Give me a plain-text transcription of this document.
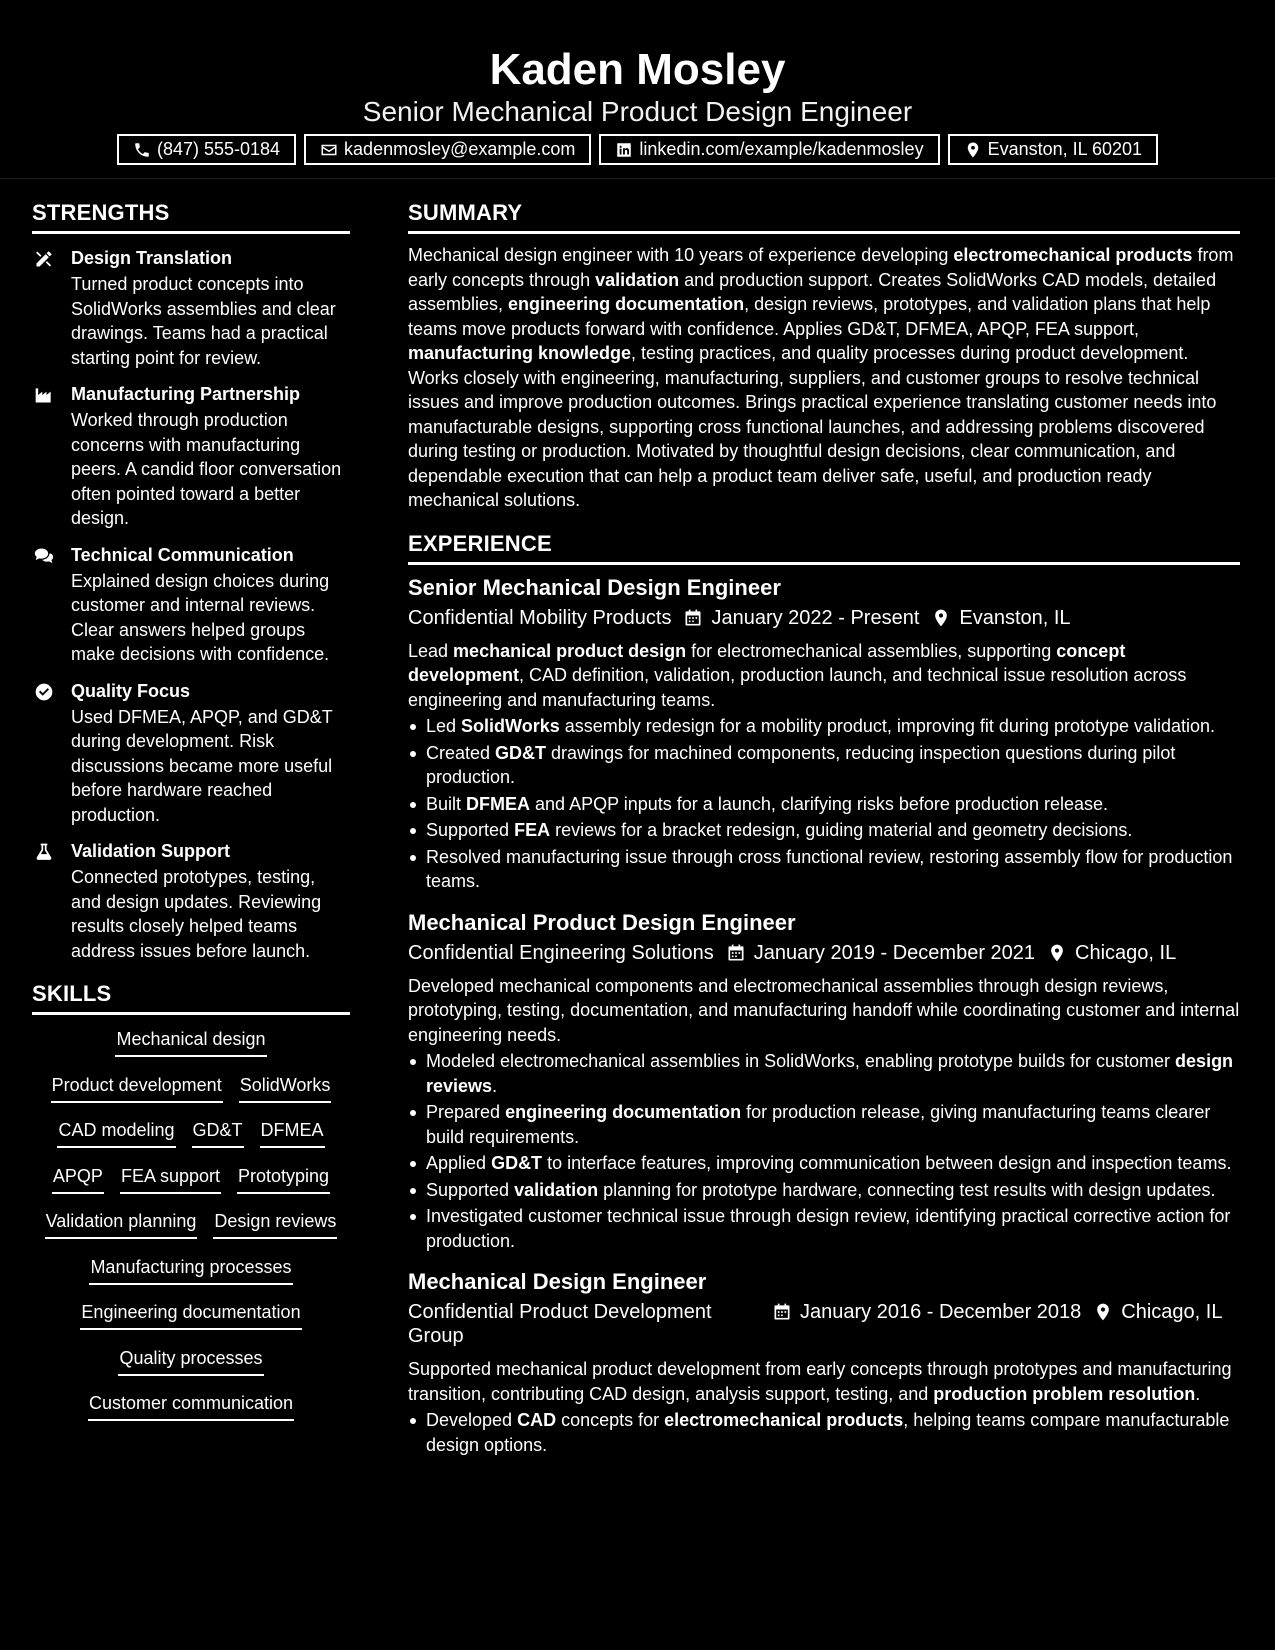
Kaden Mosley
Senior Mechanical Product Design Engineer
(847) 555-0184	kadenmosley@example.com	linkedin.com/example/kadenmosley	Evanston, IL 60201
STRENGTHS
Design Translation
Turned product concepts into SolidWorks assemblies and clear drawings. Teams had a practical starting point for review.
Manufacturing Partnership
Worked through production concerns with manufacturing peers. A candid floor conversation often pointed toward a better design.
Technical Communication
Explained design choices during customer and internal reviews. Clear answers helped groups make decisions with confidence.
Quality Focus
Used DFMEA, APQP, and GD&T during development. Risk discussions became more useful before hardware reached production.
Validation Support
Connected prototypes, testing, and design updates. Reviewing results closely helped teams address issues before launch.
SKILLS
Mechanical design
Product development SolidWorks
CAD modeling GD&T DFMEA
APQP FEA support Prototyping
Validation planning Design reviews
Manufacturing processes
Engineering documentation
Quality processes
Customer communication
SUMMARY
Mechanical design engineer with 10 years of experience developing electromechanical products from early concepts through validation and production support. Creates SolidWorks CAD models, detailed assemblies, engineering documentation, design reviews, prototypes, and validation plans that help teams move products forward with confidence. Applies GD&T, DFMEA, APQP, FEA support, manufacturing knowledge, testing practices, and quality processes during product development. Works closely with engineering, manufacturing, suppliers, and customer groups to resolve technical issues and improve production outcomes. Brings practical experience translating customer needs into manufacturable designs, supporting cross functional launches, and addressing problems discovered during testing or production. Motivated by thoughtful design decisions, clear communication, and dependable execution that can help a product team deliver safe, useful, and production ready mechanical solutions.
EXPERIENCE
Senior Mechanical Design Engineer
Confidential Mobility Products January 2022 - Present Evanston, IL
Lead mechanical product design for electromechanical assemblies, supporting concept development, CAD definition, validation, production launch, and technical issue resolution across engineering and manufacturing teams.
Led SolidWorks assembly redesign for a mobility product, improving fit during prototype validation.
Created GD&T drawings for machined components, reducing inspection questions during pilot production.
Built DFMEA and APQP inputs for a launch, clarifying risks before production release.
Supported FEA reviews for a bracket redesign, guiding material and geometry decisions.
Resolved manufacturing issue through cross functional review, restoring assembly flow for production teams.
Mechanical Product Design Engineer
Confidential Engineering Solutions January 2019 - December 2021 Chicago, IL
Developed mechanical components and electromechanical assemblies through design reviews, prototyping, testing, documentation, and manufacturing handoff while coordinating customer and internal engineering needs.
Modeled electromechanical assemblies in SolidWorks, enabling prototype builds for customer design reviews.
Prepared engineering documentation for production release, giving manufacturing teams clearer build requirements.
Applied GD&T to interface features, improving communication between design and inspection teams.
Supported validation planning for prototype hardware, connecting test results with design updates.
Investigated customer technical issue through design review, identifying practical corrective action for production.
Mechanical Design Engineer
Confidential Product Development Group
January 2016 - December 2018 Chicago, IL
Supported mechanical product development from early concepts through prototypes and manufacturing transition, contributing CAD design, analysis support, testing, and production problem resolution.
Developed CAD concepts for electromechanical products, helping teams compare manufacturable design options.
